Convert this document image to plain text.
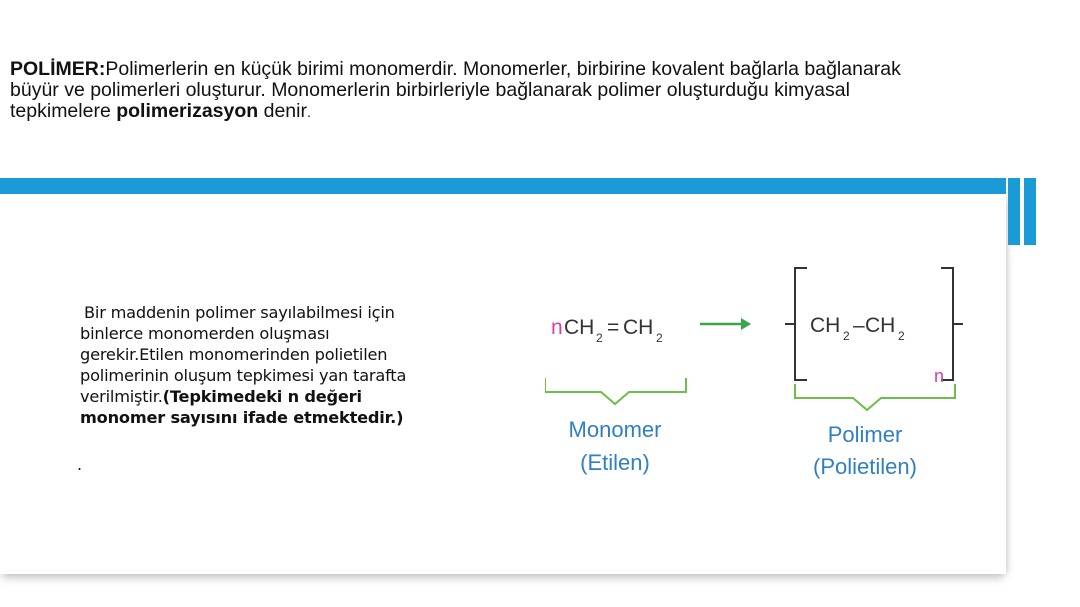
POLİMER:Polimerlerin en küçük birimi monomerdir. Monomerler, birbirine kovalent bağlarla bağlanarak
büyür ve polimerleri oluşturur. Monomerlerin birbirleriyle bağlanarak polimer oluşturduğu kimyasal
tepkimelere polimerizasyon denir.
Bir maddenin polimer sayılabilmesi için
binlerce monomerden oluşması
gerekir.Etilen monomerinden polietilen
polimerinin oluşum tepkimesi yan tarafta
verilmiştir.(Tepkimedeki n değeri
monomer sayısını ifade etmektedir.)
.
n CH 2 = CH 2
CH 2 – CH 2
n
Monomer
(Etilen)
Polimer
(Polietilen)
